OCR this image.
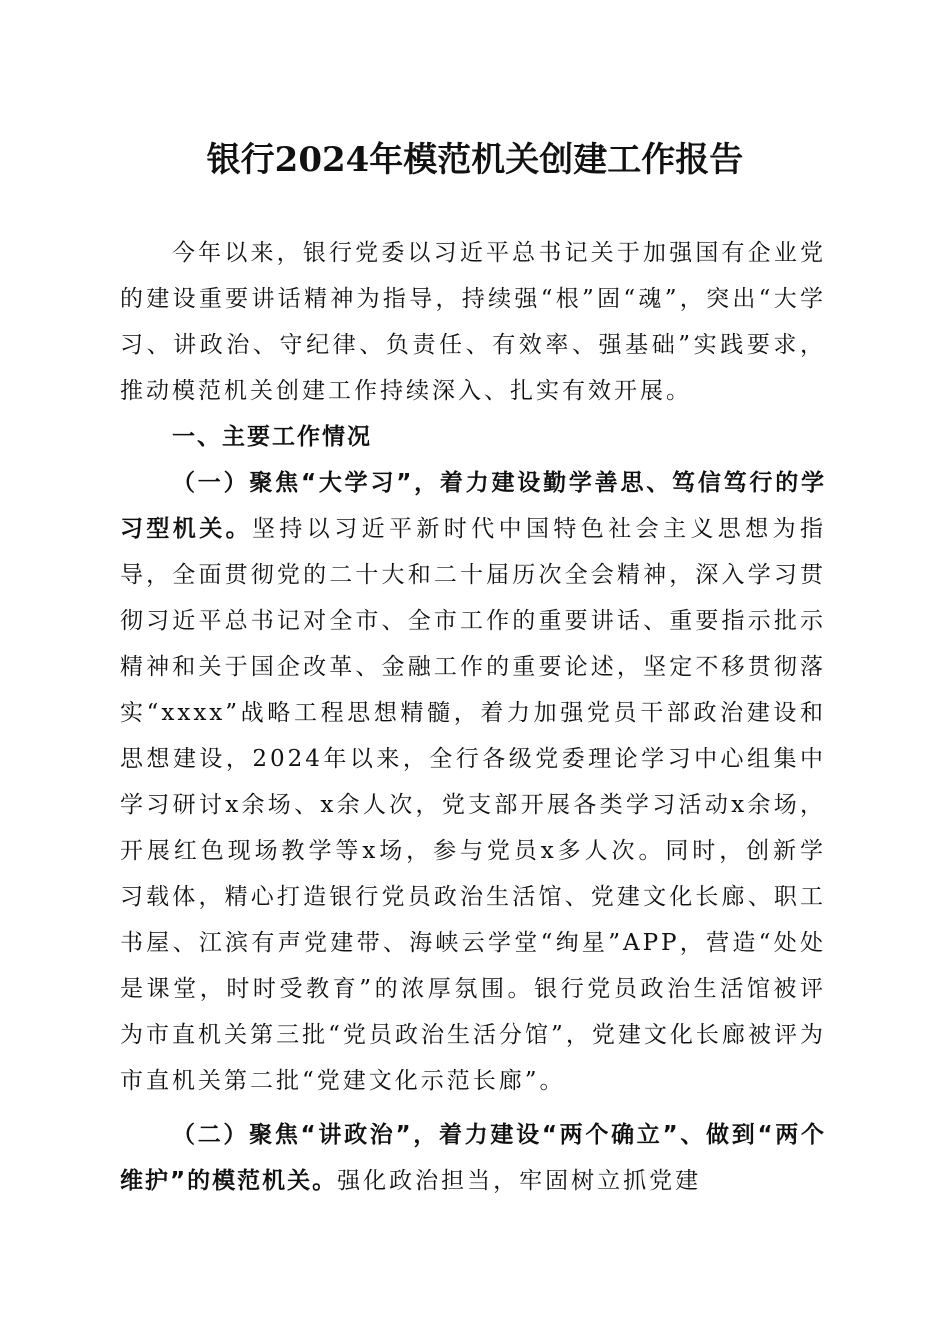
银行2024年模范机关创建工作报告

今年以来，银行党委以习近平总书记关于加强国有企业党的建设重要讲话精神为指导，持续强“根”固“魂”，突出“大学习、讲政治、守纪律、负责任、有效率、强基础”实践要求，推动模范机关创建工作持续深入、扎实有效开展。

一、主要工作情况

（一）聚焦“大学习”，着力建设勤学善思、笃信笃行的学习型机关。坚持以习近平新时代中国特色社会主义思想为指导，全面贯彻党的二十大和二十届历次全会精神，深入学习贯彻习近平总书记对全市、全市工作的重要讲话、重要指示批示精神和关于国企改革、金融工作的重要论述，坚定不移贯彻落实“xxxx”战略工程思想精髓，着力加强党员干部政治建设和思想建设，2024年以来，全行各级党委理论学习中心组集中学习研讨x余场、x余人次，党支部开展各类学习活动x余场，开展红色现场教学等x场，参与党员x多人次。同时，创新学习载体，精心打造银行党员政治生活馆、党建文化长廊、职工书屋、江滨有声党建带、海峡云学堂“绚星”APP，营造“处处是课堂，时时受教育”的浓厚氛围。银行党员政治生活馆被评为市直机关第三批“党员政治生活分馆”，党建文化长廊被评为市直机关第二批“党建文化示范长廊”。

（二）聚焦“讲政治”，着力建设“两个确立”、做到“两个维护”的模范机关。强化政治担当，牢固树立抓党建
